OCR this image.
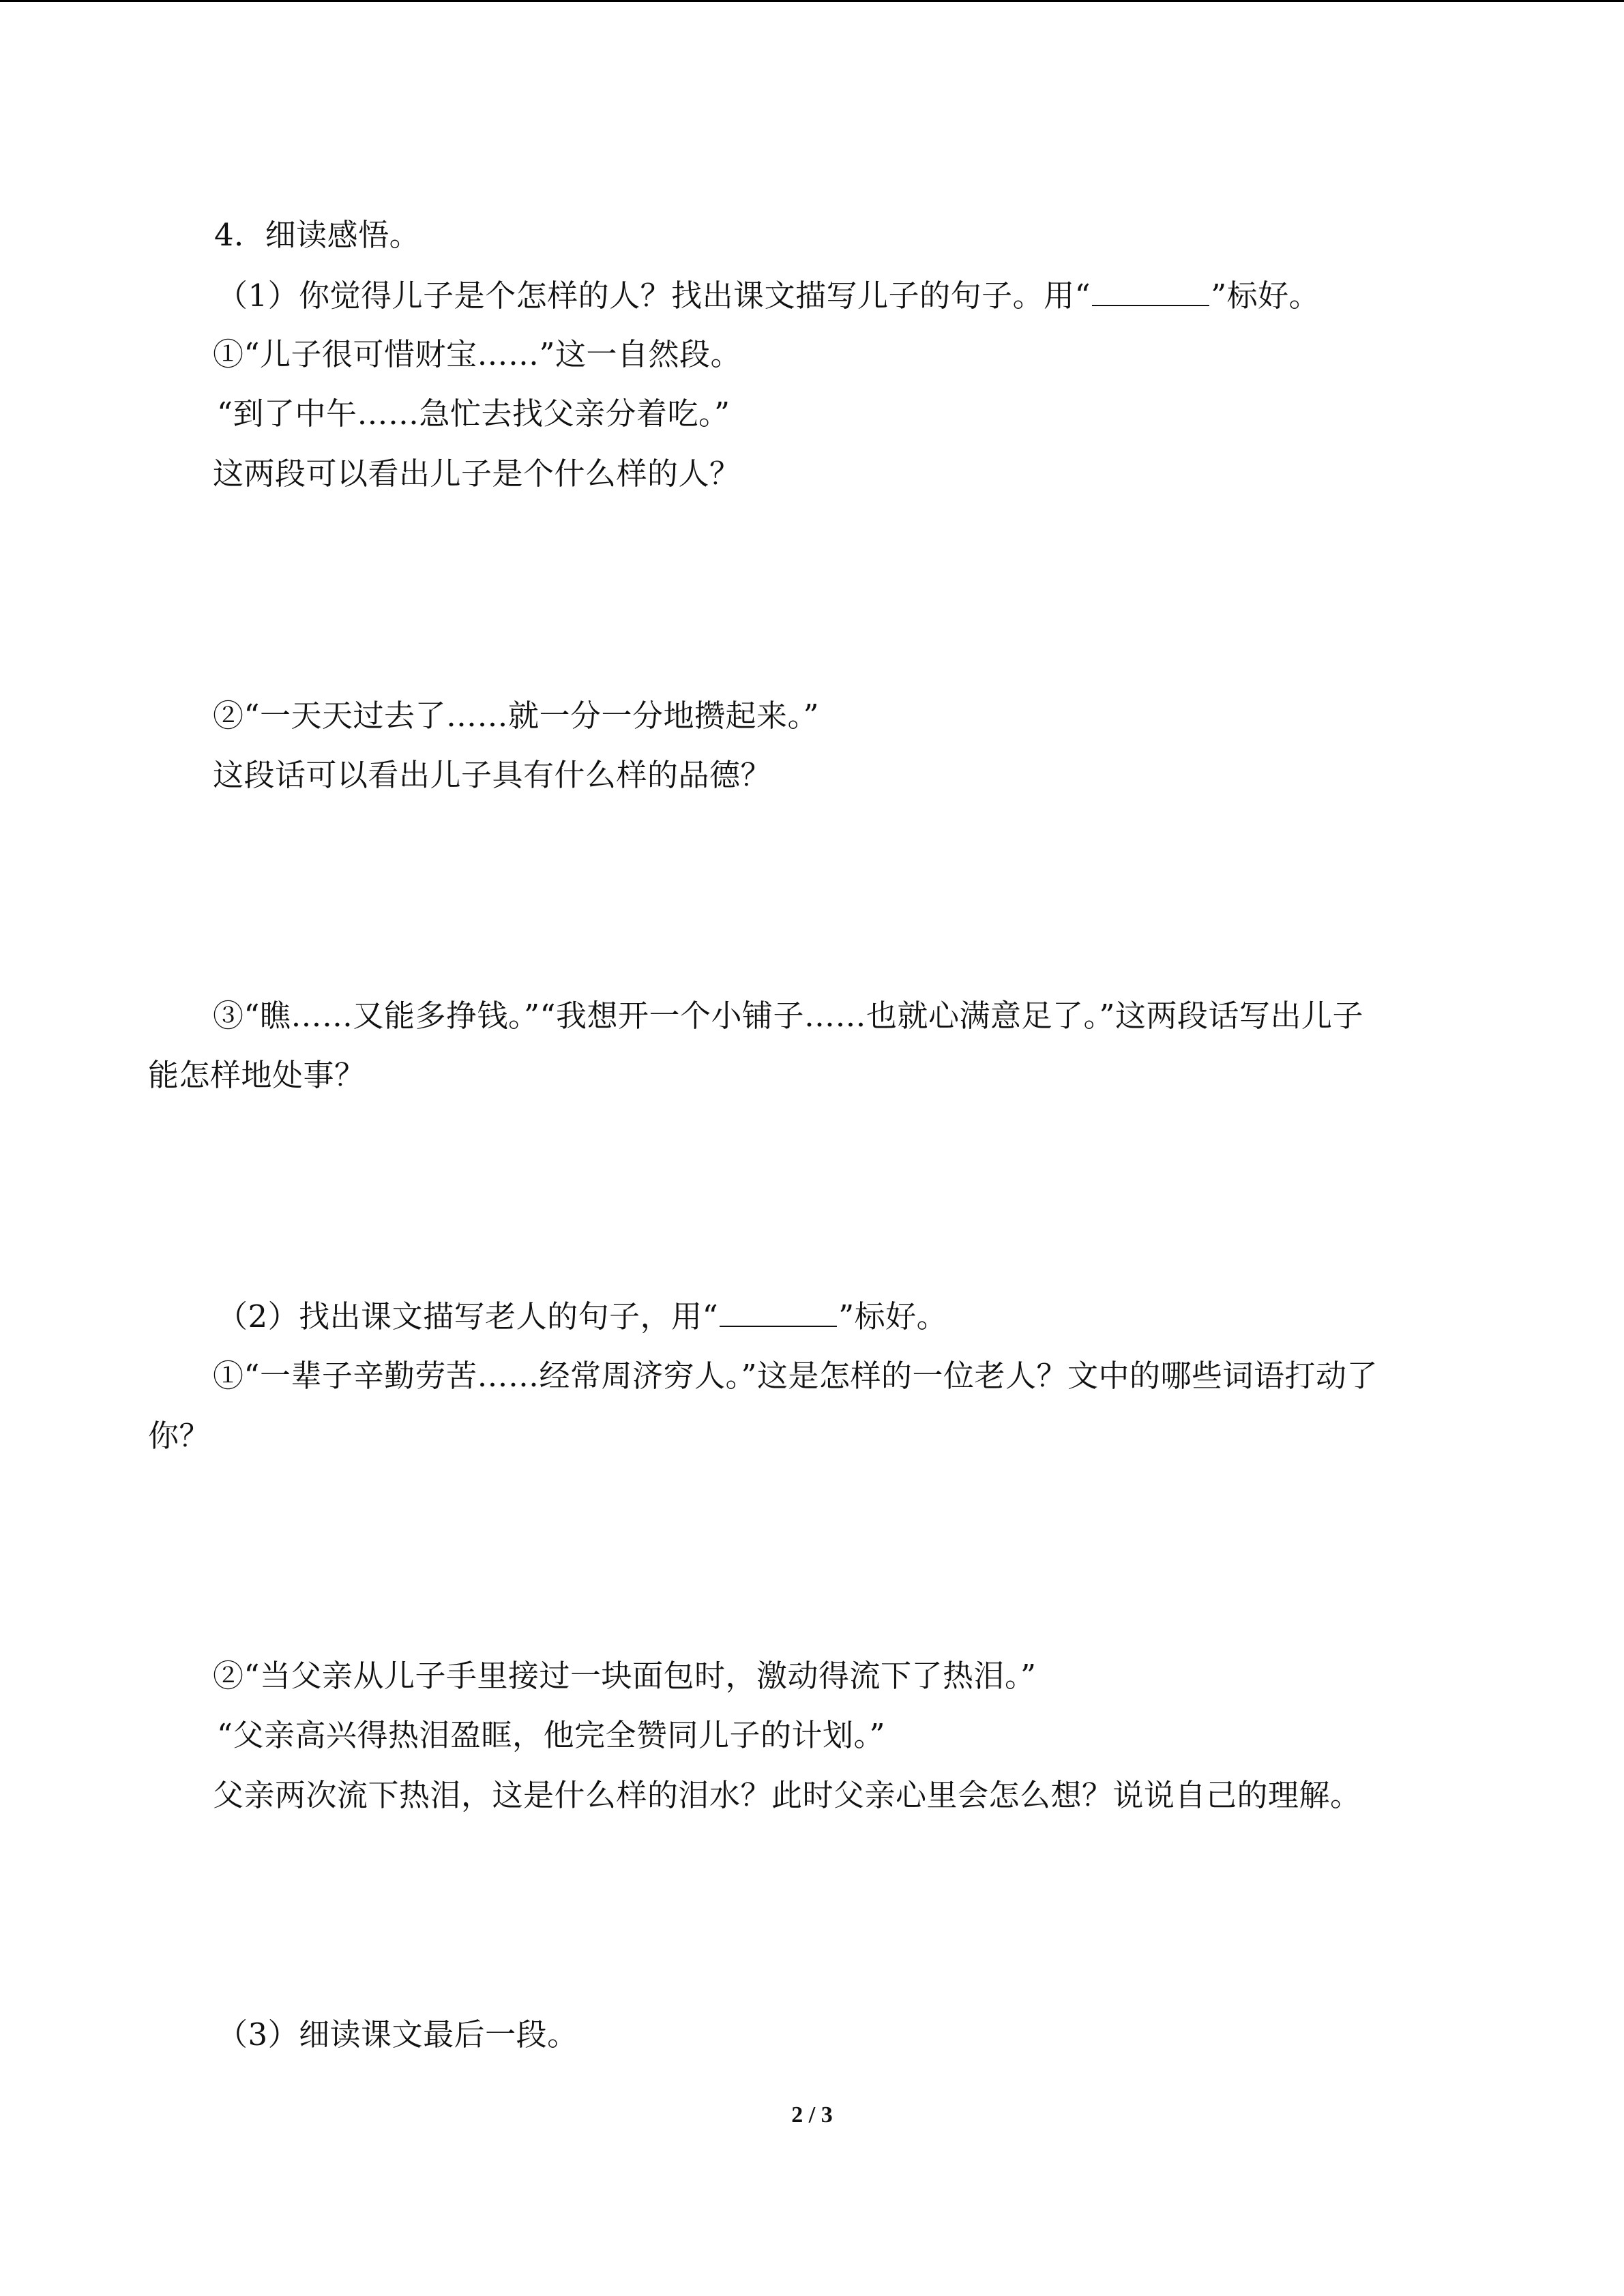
4．细读感悟。
（1）你觉得儿子是个怎样的人？找出课文描写儿子的句子。用“	”标好。
①“儿子很可惜财宝……”这一自然段。
“到了中午……急忙去找父亲分着吃。”
这两段可以看出儿子是个什么样的人？
②“一天天过去了……就一分一分地攒起来。”
这段话可以看出儿子具有什么样的品德？
③“瞧……又能多挣钱。”“我想开一个小铺子……也就心满意足了。”这两段话写出儿子
能怎样地处事？
（2）找出课文描写老人的句子，用“	”标好。
①“一辈子辛勤劳苦……经常周济穷人。”这是怎样的一位老人？文中的哪些词语打动了
你？
②“当父亲从儿子手里接过一块面包时，激动得流下了热泪。”
“父亲高兴得热泪盈眶，他完全赞同儿子的计划。”
父亲两次流下热泪，这是什么样的泪水？此时父亲心里会怎么想？说说自己的理解。
（3）细读课文最后一段。
2 / 3
